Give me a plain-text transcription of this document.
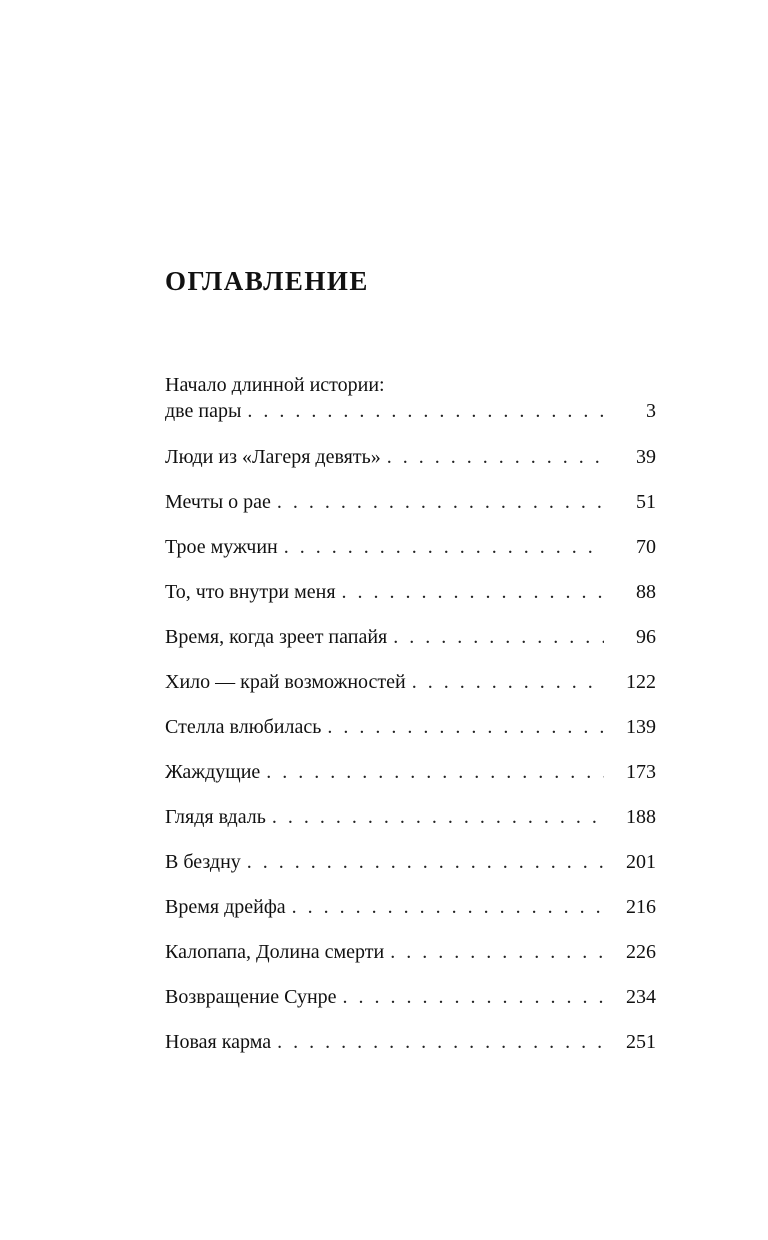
ОГЛАВЛЕНИЕ
Начало длинной истории:
две пары . . .	3
Люди из «Лагеря девять» . . .	39
Мечты о рае . . .	51
Трое мужчин . . .	70
То, что внутри меня . . .	88
Время, когда зреет папайя . . .	96
Хило — край возможностей . . .	122
Стелла влюбилась . . .	139
Жаждущие . . .	173
Глядя вдаль . . .	188
В бездну . . .	201
Время дрейфа . . .	216
Калопапа, Долина смерти . . .	226
Возвращение Сунре . . .	234
Новая карма . . .	251
